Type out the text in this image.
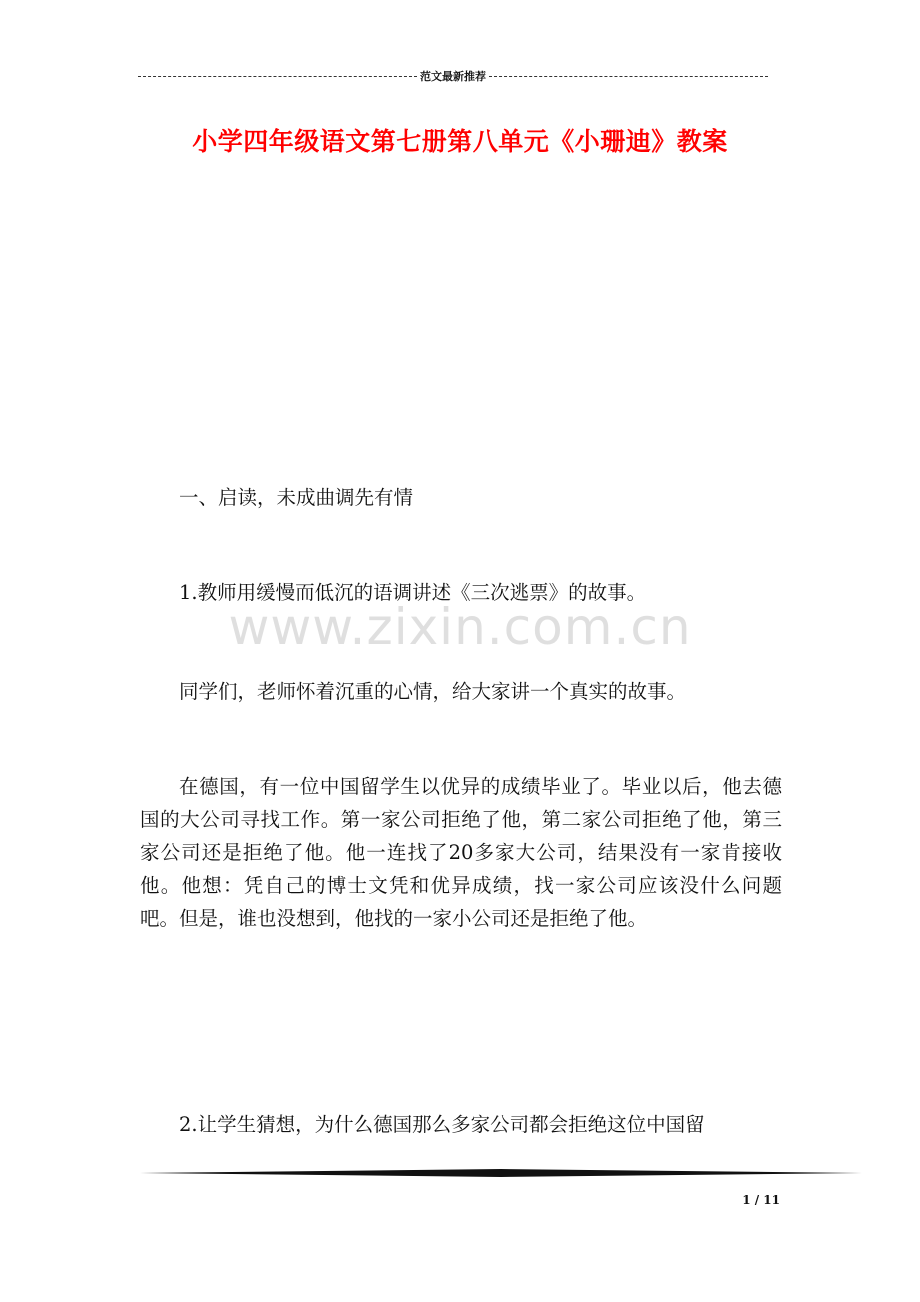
范文最新推荐
小学四年级语文第七册第八单元《小珊迪》教案

一、启读，未成曲调先有情

1.教师用缓慢而低沉的语调讲述《三次逃票》的故事。

同学们，老师怀着沉重的心情，给大家讲一个真实的故事。

在德国，有一位中国留学生以优异的成绩毕业了。毕业以后，他去德国的大公司寻找工作。第一家公司拒绝了他，第二家公司拒绝了他，第三家公司还是拒绝了他。他一连找了20多家大公司，结果没有一家肯接收他。他想：凭自己的博士文凭和优异成绩，找一家公司应该没什么问题吧。但是，谁也没想到，他找的一家小公司还是拒绝了他。

2.让学生猜想，为什么德国那么多家公司都会拒绝这位中国留

www.zixin.com.cn
1 / 11
